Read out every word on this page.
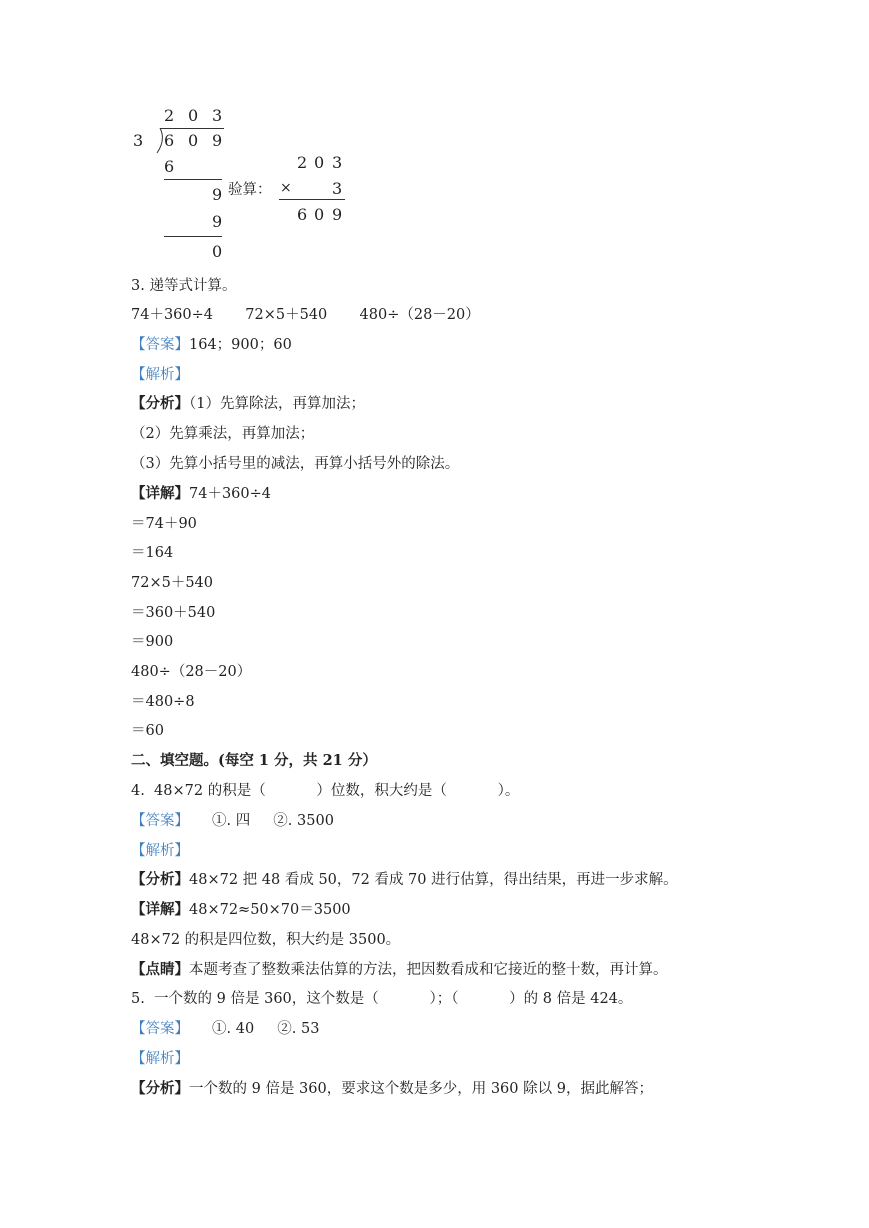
2 0 3
3 6 0 9
6
9
9
0
验算：
2 0 3
×	3
6 0 9
3. 递等式计算。
74＋360÷4       72×5＋540       480÷（28－20）
【答案】164；900；60
【解析】
【分析】（1）先算除法，再算加法；
（2）先算乘法，再算加法；
（3）先算小括号里的减法，再算小括号外的除法。
【详解】74＋360÷4
＝74＋90
＝164
72×5＋540
＝360＋540
＝900
480÷（28－20）
＝480÷8
＝60
二、填空题。(每空 1 分，共 21 分）
4.  48×72 的积是（           ）位数，积大约是（           ）。
【答案】     ①. 四     ②. 3500
【解析】
【分析】48×72 把 48 看成 50，72 看成 70 进行估算，得出结果，再进一步求解。
【详解】48×72≈50×70＝3500
48×72 的积是四位数，积大约是 3500。
【点睛】本题考查了整数乘法估算的方法，把因数看成和它接近的整十数，再计算。
5.  一个数的 9 倍是 360，这个数是（           ）；（           ）的 8 倍是 424。
【答案】     ①. 40     ②. 53
【解析】
【分析】一个数的 9 倍是 360，要求这个数是多少，用 360 除以 9，据此解答；
